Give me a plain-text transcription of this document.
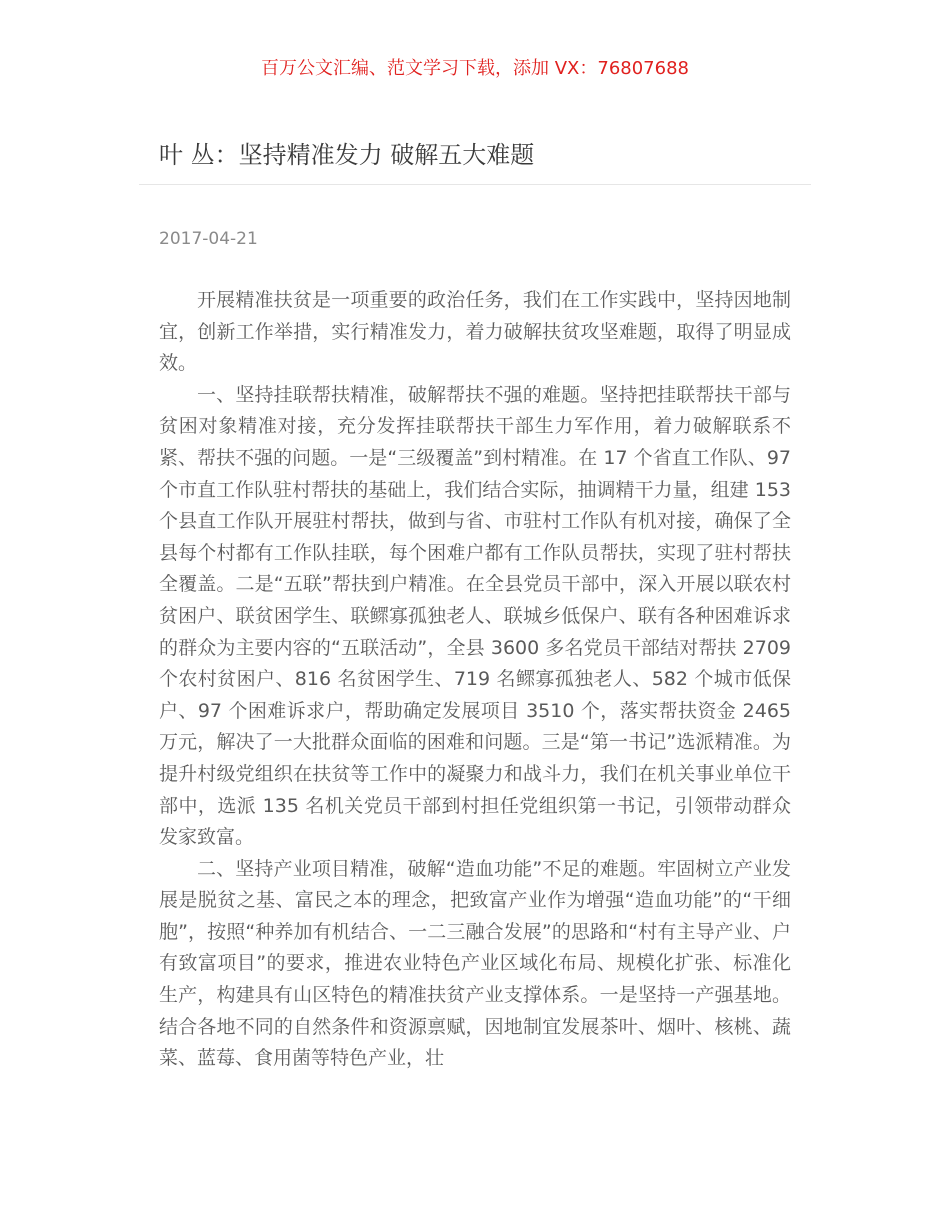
百万公文汇编、范文学习下载，添加 VX：76807688
叶 丛：坚持精准发力 破解五大难题
2017-04-21

开展精准扶贫是一项重要的政治任务，我们在工作实践中，坚持因地制宜，创新工作举措，实行精准发力，着力破解扶贫攻坚难题，取得了明显成效。

一、坚持挂联帮扶精准，破解帮扶不强的难题。坚持把挂联帮扶干部与贫困对象精准对接，充分发挥挂联帮扶干部生力军作用，着力破解联系不紧、帮扶不强的问题。一是“三级覆盖”到村精准。在 17 个省直工作队、97 个市直工作队驻村帮扶的基础上，我们结合实际，抽调精干力量，组建 153 个县直工作队开展驻村帮扶，做到与省、市驻村工作队有机对接，确保了全县每个村都有工作队挂联，每个困难户都有工作队员帮扶，实现了驻村帮扶全覆盖。二是“五联”帮扶到户精准。在全县党员干部中，深入开展以联农村贫困户、联贫困学生、联鳏寡孤独老人、联城乡低保户、联有各种困难诉求的群众为主要内容的“五联活动”，全县 3600 多名党员干部结对帮扶 2709 个农村贫困户、816 名贫困学生、719 名鳏寡孤独老人、582 个城市低保户、97 个困难诉求户，帮助确定发展项目 3510 个，落实帮扶资金 2465 万元，解决了一大批群众面临的困难和问题。三是“第一书记”选派精准。为提升村级党组织在扶贫等工作中的凝聚力和战斗力，我们在机关事业单位干部中，选派 135 名机关党员干部到村担任党组织第一书记，引领带动群众发家致富。

二、坚持产业项目精准，破解“造血功能”不足的难题。牢固树立产业发展是脱贫之基、富民之本的理念，把致富产业作为增强“造血功能”的“干细胞”，按照“种养加有机结合、一二三融合发展”的思路和“村有主导产业、户有致富项目”的要求，推进农业特色产业区域化布局、规模化扩张、标准化生产，构建具有山区特色的精准扶贫产业支撑体系。一是坚持一产强基地。结合各地不同的自然条件和资源禀赋，因地制宜发展茶叶、烟叶、核桃、蔬菜、蓝莓、食用菌等特色产业，壮
